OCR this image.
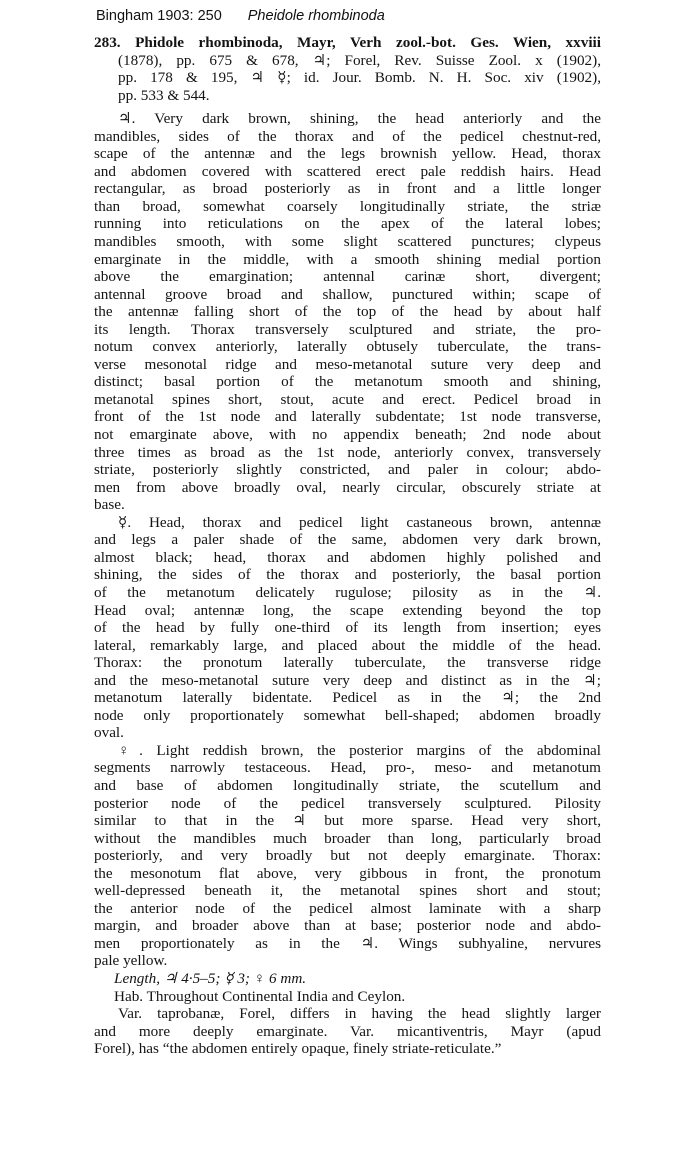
Bingham 1903: 250 Pheidole rhombinoda
283. Phidole rhombinoda, Mayr, Verh zool.-bot. Ges. Wien, xxviii
(1878), pp. 675 & 678, ♃; Forel, Rev. Suisse Zool. x (1902),
pp. 178 & 195, ♃ ☿; id. Jour. Bomb. N. H. Soc. xiv (1902),
pp. 533 & 544.
♃. Very dark brown, shining, the head anteriorly and the
mandibles, sides of the thorax and of the pedicel chestnut-red,
scape of the antennæ and the legs brownish yellow. Head, thorax
and abdomen covered with scattered erect pale reddish hairs. Head
rectangular, as broad posteriorly as in front and a little longer
than broad, somewhat coarsely longitudinally striate, the striæ
running into reticulations on the apex of the lateral lobes;
mandibles smooth, with some slight scattered punctures; clypeus
emarginate in the middle, with a smooth shining medial portion
above the emargination; antennal carinæ short, divergent;
antennal groove broad and shallow, punctured within; scape of
the antennæ falling short of the top of the head by about half
its length. Thorax transversely sculptured and striate, the pro-
notum convex anteriorly, laterally obtusely tuberculate, the trans-
verse mesonotal ridge and meso-metanotal suture very deep and
distinct; basal portion of the metanotum smooth and shining,
metanotal spines short, stout, acute and erect. Pedicel broad in
front of the 1st node and laterally subdentate; 1st node transverse,
not emarginate above, with no appendix beneath; 2nd node about
three times as broad as the 1st node, anteriorly convex, transversely
striate, posteriorly slightly constricted, and paler in colour; abdo-
men from above broadly oval, nearly circular, obscurely striate at
base.
☿. Head, thorax and pedicel light castaneous brown, antennæ
and legs a paler shade of the same, abdomen very dark brown,
almost black; head, thorax and abdomen highly polished and
shining, the sides of the thorax and posteriorly, the basal portion
of the metanotum delicately rugulose; pilosity as in the ♃.
Head oval; antennæ long, the scape extending beyond the top
of the head by fully one-third of its length from insertion; eyes
lateral, remarkably large, and placed about the middle of the head.
Thorax: the pronotum laterally tuberculate, the transverse ridge
and the meso-metanotal suture very deep and distinct as in the ♃;
metanotum laterally bidentate. Pedicel as in the ♃; the 2nd
node only proportionately somewhat bell-shaped; abdomen broadly
oval.
♀. Light reddish brown, the posterior margins of the abdominal
segments narrowly testaceous. Head, pro-, meso- and metanotum
and base of abdomen longitudinally striate, the scutellum and
posterior node of the pedicel transversely sculptured. Pilosity
similar to that in the ♃ but more sparse. Head very short,
without the mandibles much broader than long, particularly broad
posteriorly, and very broadly but not deeply emarginate. Thorax:
the mesonotum flat above, very gibbous in front, the pronotum
well-depressed beneath it, the metanotal spines short and stout;
the anterior node of the pedicel almost laminate with a sharp
margin, and broader above than at base; posterior node and abdo-
men proportionately as in the ♃. Wings subhyaline, nervures
pale yellow.
Length, ♃ 4·5–5; ☿ 3; ♀ 6 mm.
Hab. Throughout Continental India and Ceylon.
Var. taprobanæ, Forel, differs in having the head slightly larger
and more deeply emarginate. Var. micantiventris, Mayr (apud
Forel), has “the abdomen entirely opaque, finely striate-reticulate.”
